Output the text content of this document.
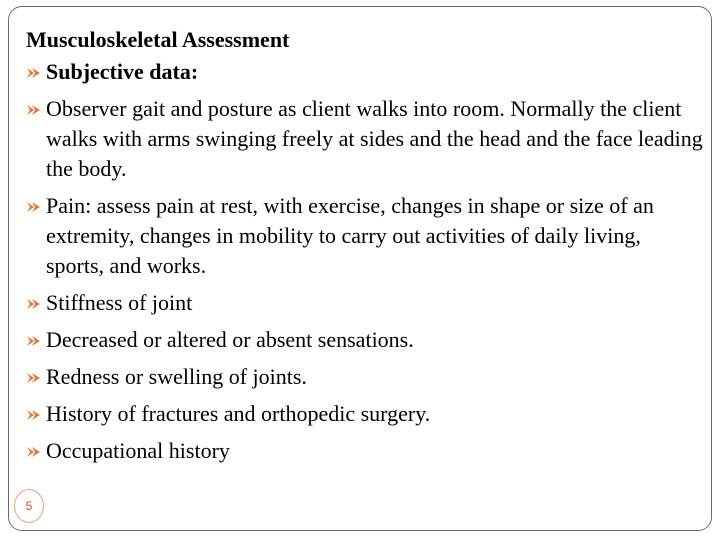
Musculoskeletal Assessment
Subjective data:
Observer gait and posture as client walks into room. Normally the client walks with arms swinging freely at sides and the head and the face leading the body.
Pain: assess pain at rest, with exercise, changes in shape or size of an extremity, changes in mobility to carry out activities of daily living, sports, and works.
Stiffness of joint
Decreased or altered or absent sensations.
Redness or swelling of joints.
History of fractures and orthopedic surgery.
Occupational history
5
